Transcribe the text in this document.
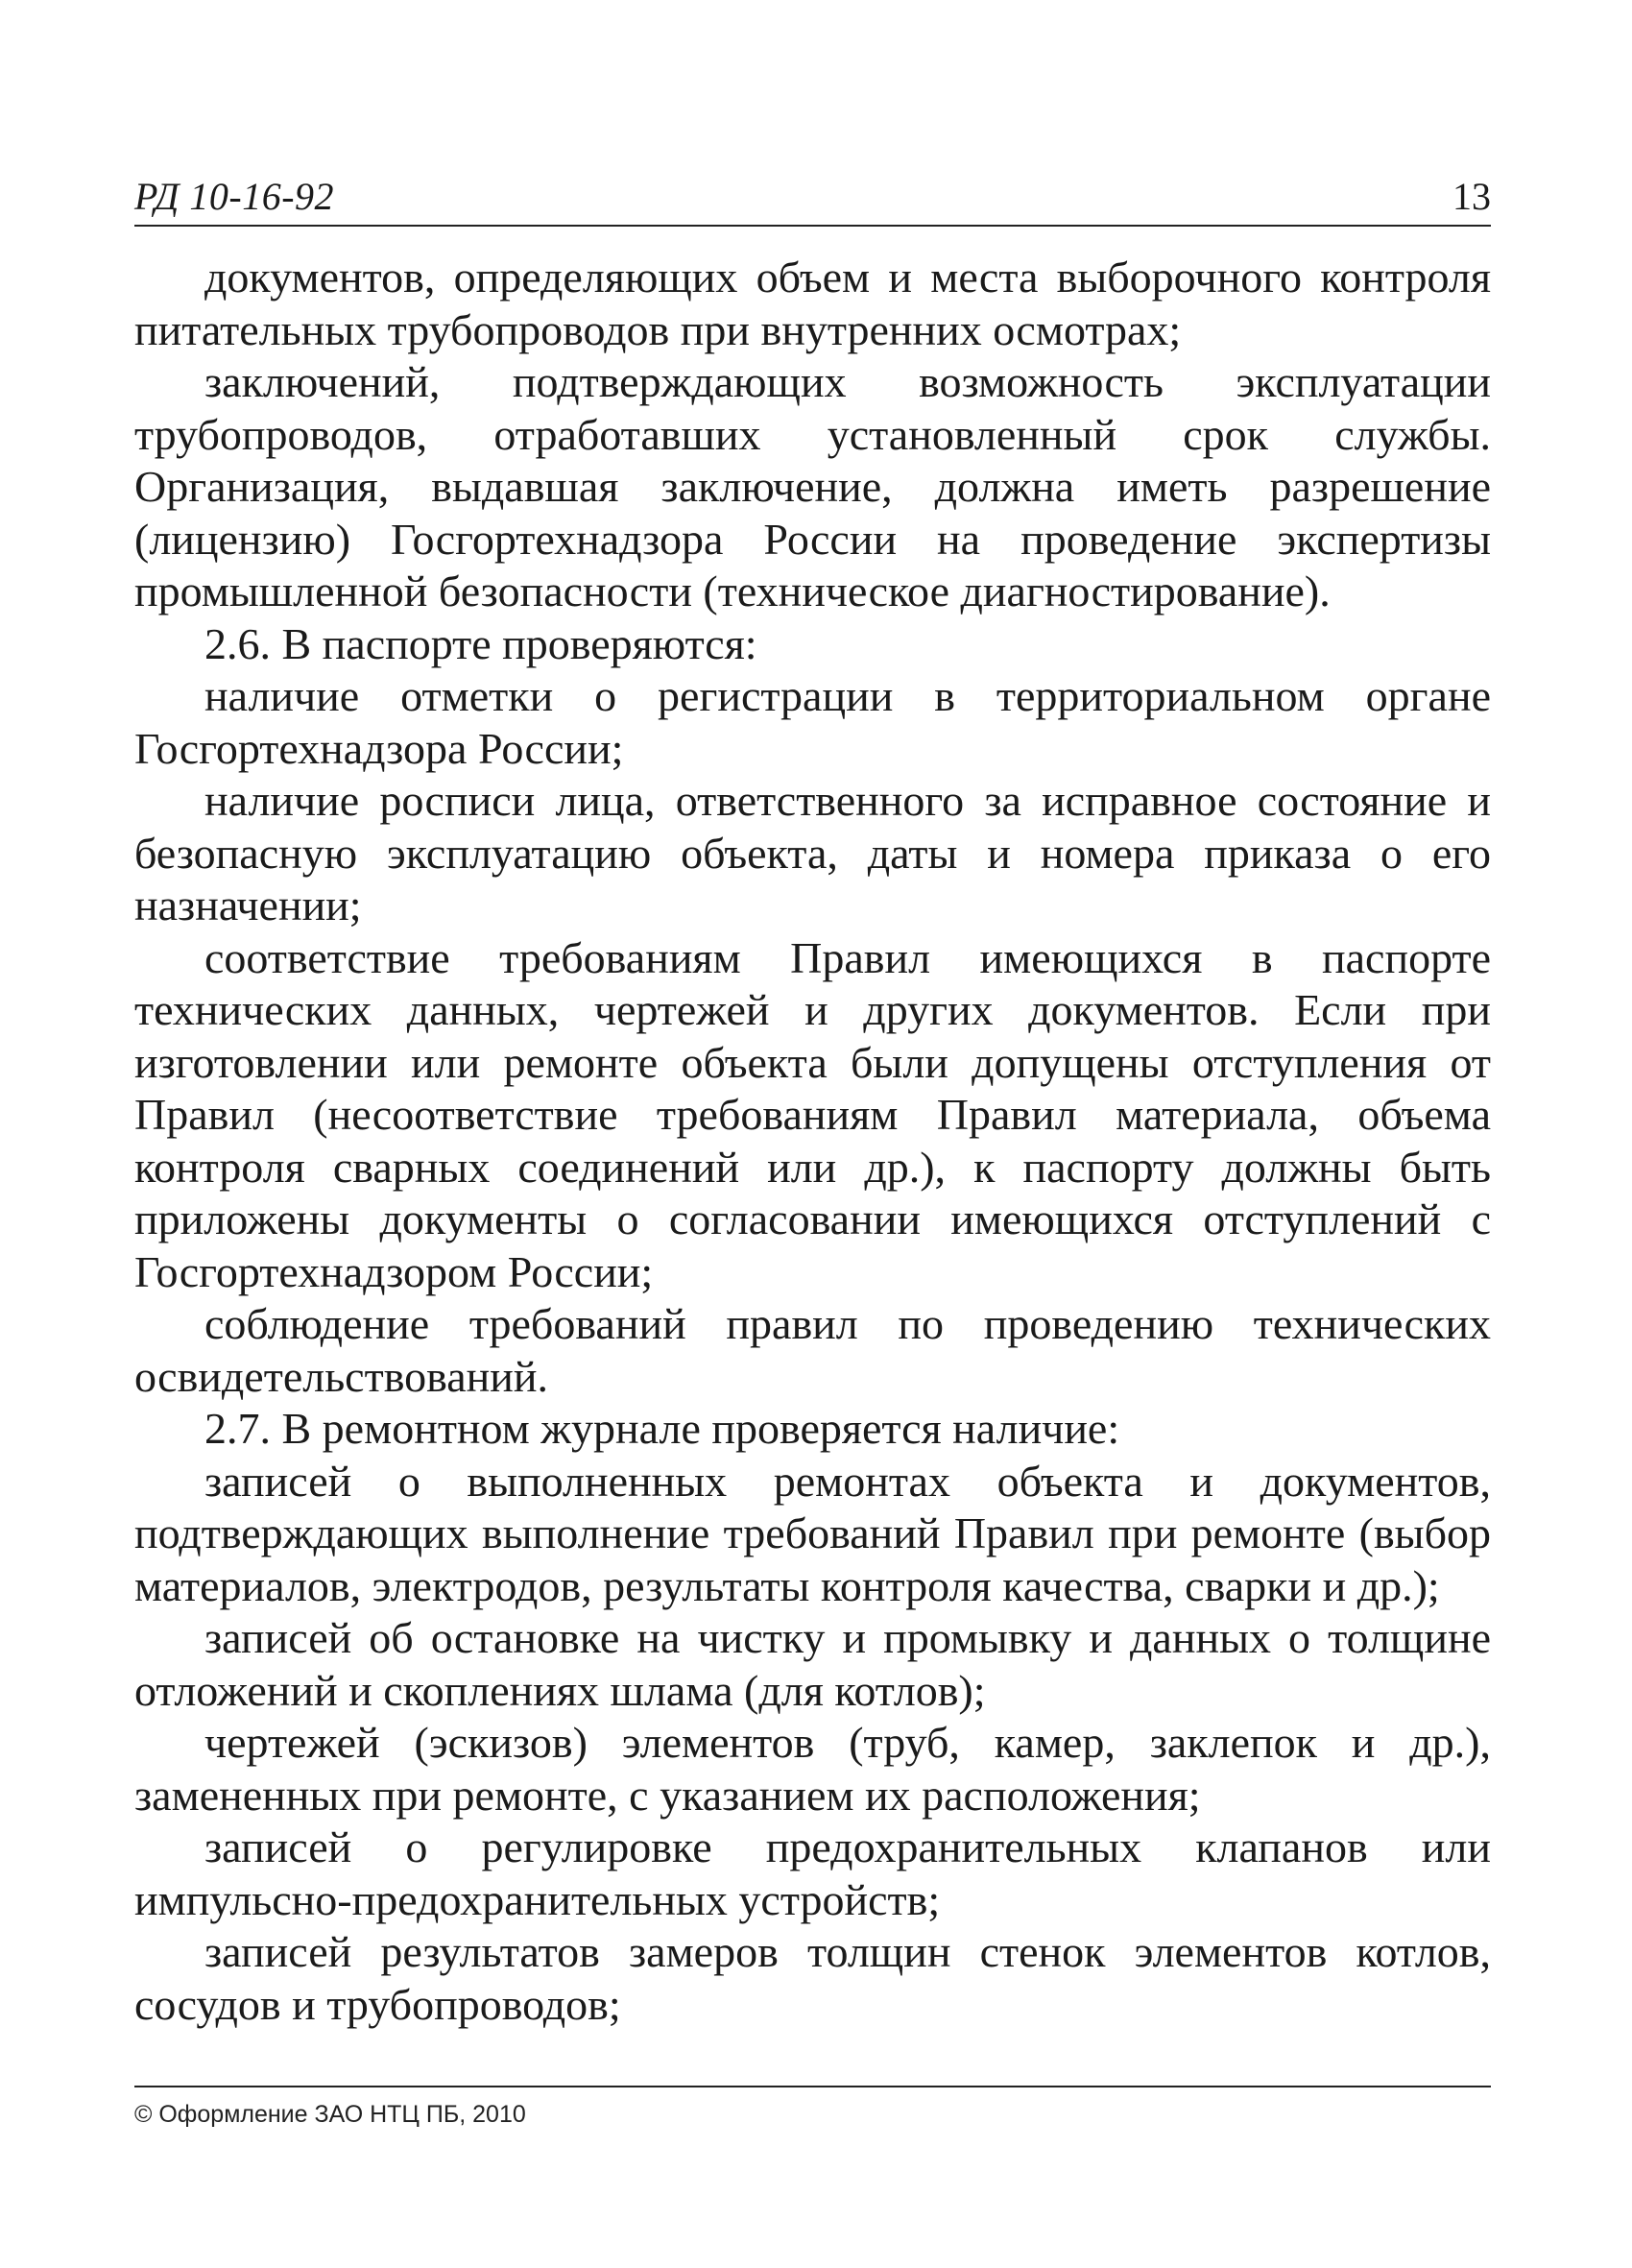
РД 10-16-92	13

документов, определяющих объем и места выборочного контроля питательных трубопроводов при внутренних осмотрах;

заключений, подтверждающих возможность эксплуатации трубопроводов, отработавших установленный срок службы. Организация, выдавшая заключение, должна иметь разрешение (лицензию) Госгортехнадзора России на проведение экспертизы промышленной безопасности (техническое диагностирование).

2.6. В паспорте проверяются:

наличие отметки о регистрации в территориальном органе Госгортехнадзора России;

наличие росписи лица, ответственного за исправное состояние и безопасную эксплуатацию объекта, даты и номера приказа о его назначении;

соответствие требованиям Правил имеющихся в паспорте технических данных, чертежей и других документов. Если при изготовлении или ремонте объекта были допущены отступления от Правил (несоответствие требованиям Правил материала, объема контроля сварных соединений или др.), к паспорту должны быть приложены документы о согласовании имеющихся отступлений с Госгортехнадзором России;

соблюдение требований правил по проведению технических освидетельствований.

2.7. В ремонтном журнале проверяется наличие:

записей о выполненных ремонтах объекта и документов, подтверждающих выполнение требований Правил при ремонте (выбор материалов, электродов, результаты контроля качества, сварки и др.);

записей об остановке на чистку и промывку и данных о толщине отложений и скоплениях шлама (для котлов);

чертежей (эскизов) элементов (труб, камер, заклепок и др.), замененных при ремонте, с указанием их расположения;

записей о регулировке предохранительных клапанов или импульсно-предохранительных устройств;

записей результатов замеров толщин стенок элементов котлов, сосудов и трубопроводов;

© Оформление ЗАО НТЦ ПБ, 2010
